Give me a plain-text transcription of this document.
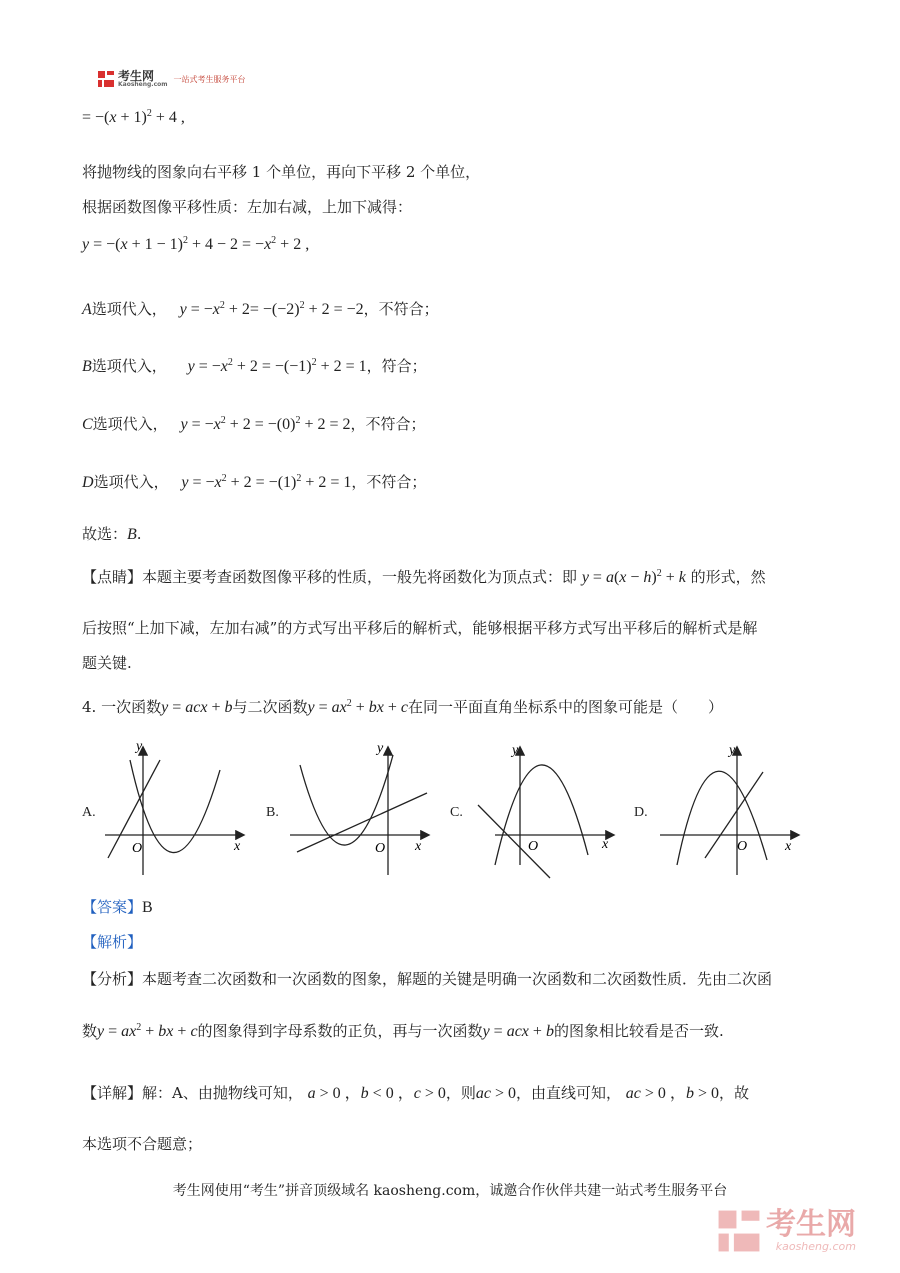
考生网
Kaosheng.com
一站式考生服务平台
= $-(x + 1)^2 + 4$ ,
将抛物线的图象向右平移 1 个单位，再向下平移 2 个单位，
根据函数图像平移性质：左加右减，上加下减得：
$y = -(x + 1 - 1)^2 + 4 - 2 = -x^2 + 2$ ,
A选项代入， $y = -x^2 + 2= -(-2)^2 + 2 = -2$，不符合；
B选项代入， $y = -x^2 + 2 = -(-1)^2 + 2 = 1$，符合；
C选项代入， $y = -x^2 + 2 = -(0)^2 + 2 = 2$，不符合；
D选项代入， $y = -x^2 + 2 = -(1)^2 + 2 = 1$，不符合；
故选：B.
【点睛】本题主要考查函数图像平移的性质，一般先将函数化为顶点式：即 $y = a(x - h)^2 + k$ 的形式，然
后按照“上加下减，左加右减”的方式写出平移后的解析式，能够根据平移方式写出平移后的解析式是解
题关键.
4. 一次函数y = acx + b与二次函数$y = ax^2$ + bx + c在同一平面直角坐标系中的图象可能是（　　）
A.	B.	C.	D.
y
x
O
y
x
O
y
x
O
y
x
O
【答案】B
【解析】
【分析】本题考查二次函数和一次函数的图象，解题的关键是明确一次函数和二次函数性质．先由二次函
数$y = ax^2$ + bx + c的图象得到字母系数的正负，再与一次函数y = acx + b的图象相比较看是否一致.
【详解】解：A、由抛物线可知， a > 0 ，b < 0 ，c > 0，则ac > 0，由直线可知， ac > 0 ，b > 0，故
本选项不合题意；
考生网使用“考生”拼音顶级域名 kaosheng.com，诚邀合作伙伴共建一站式考生服务平台
考生网
kaosheng.com
